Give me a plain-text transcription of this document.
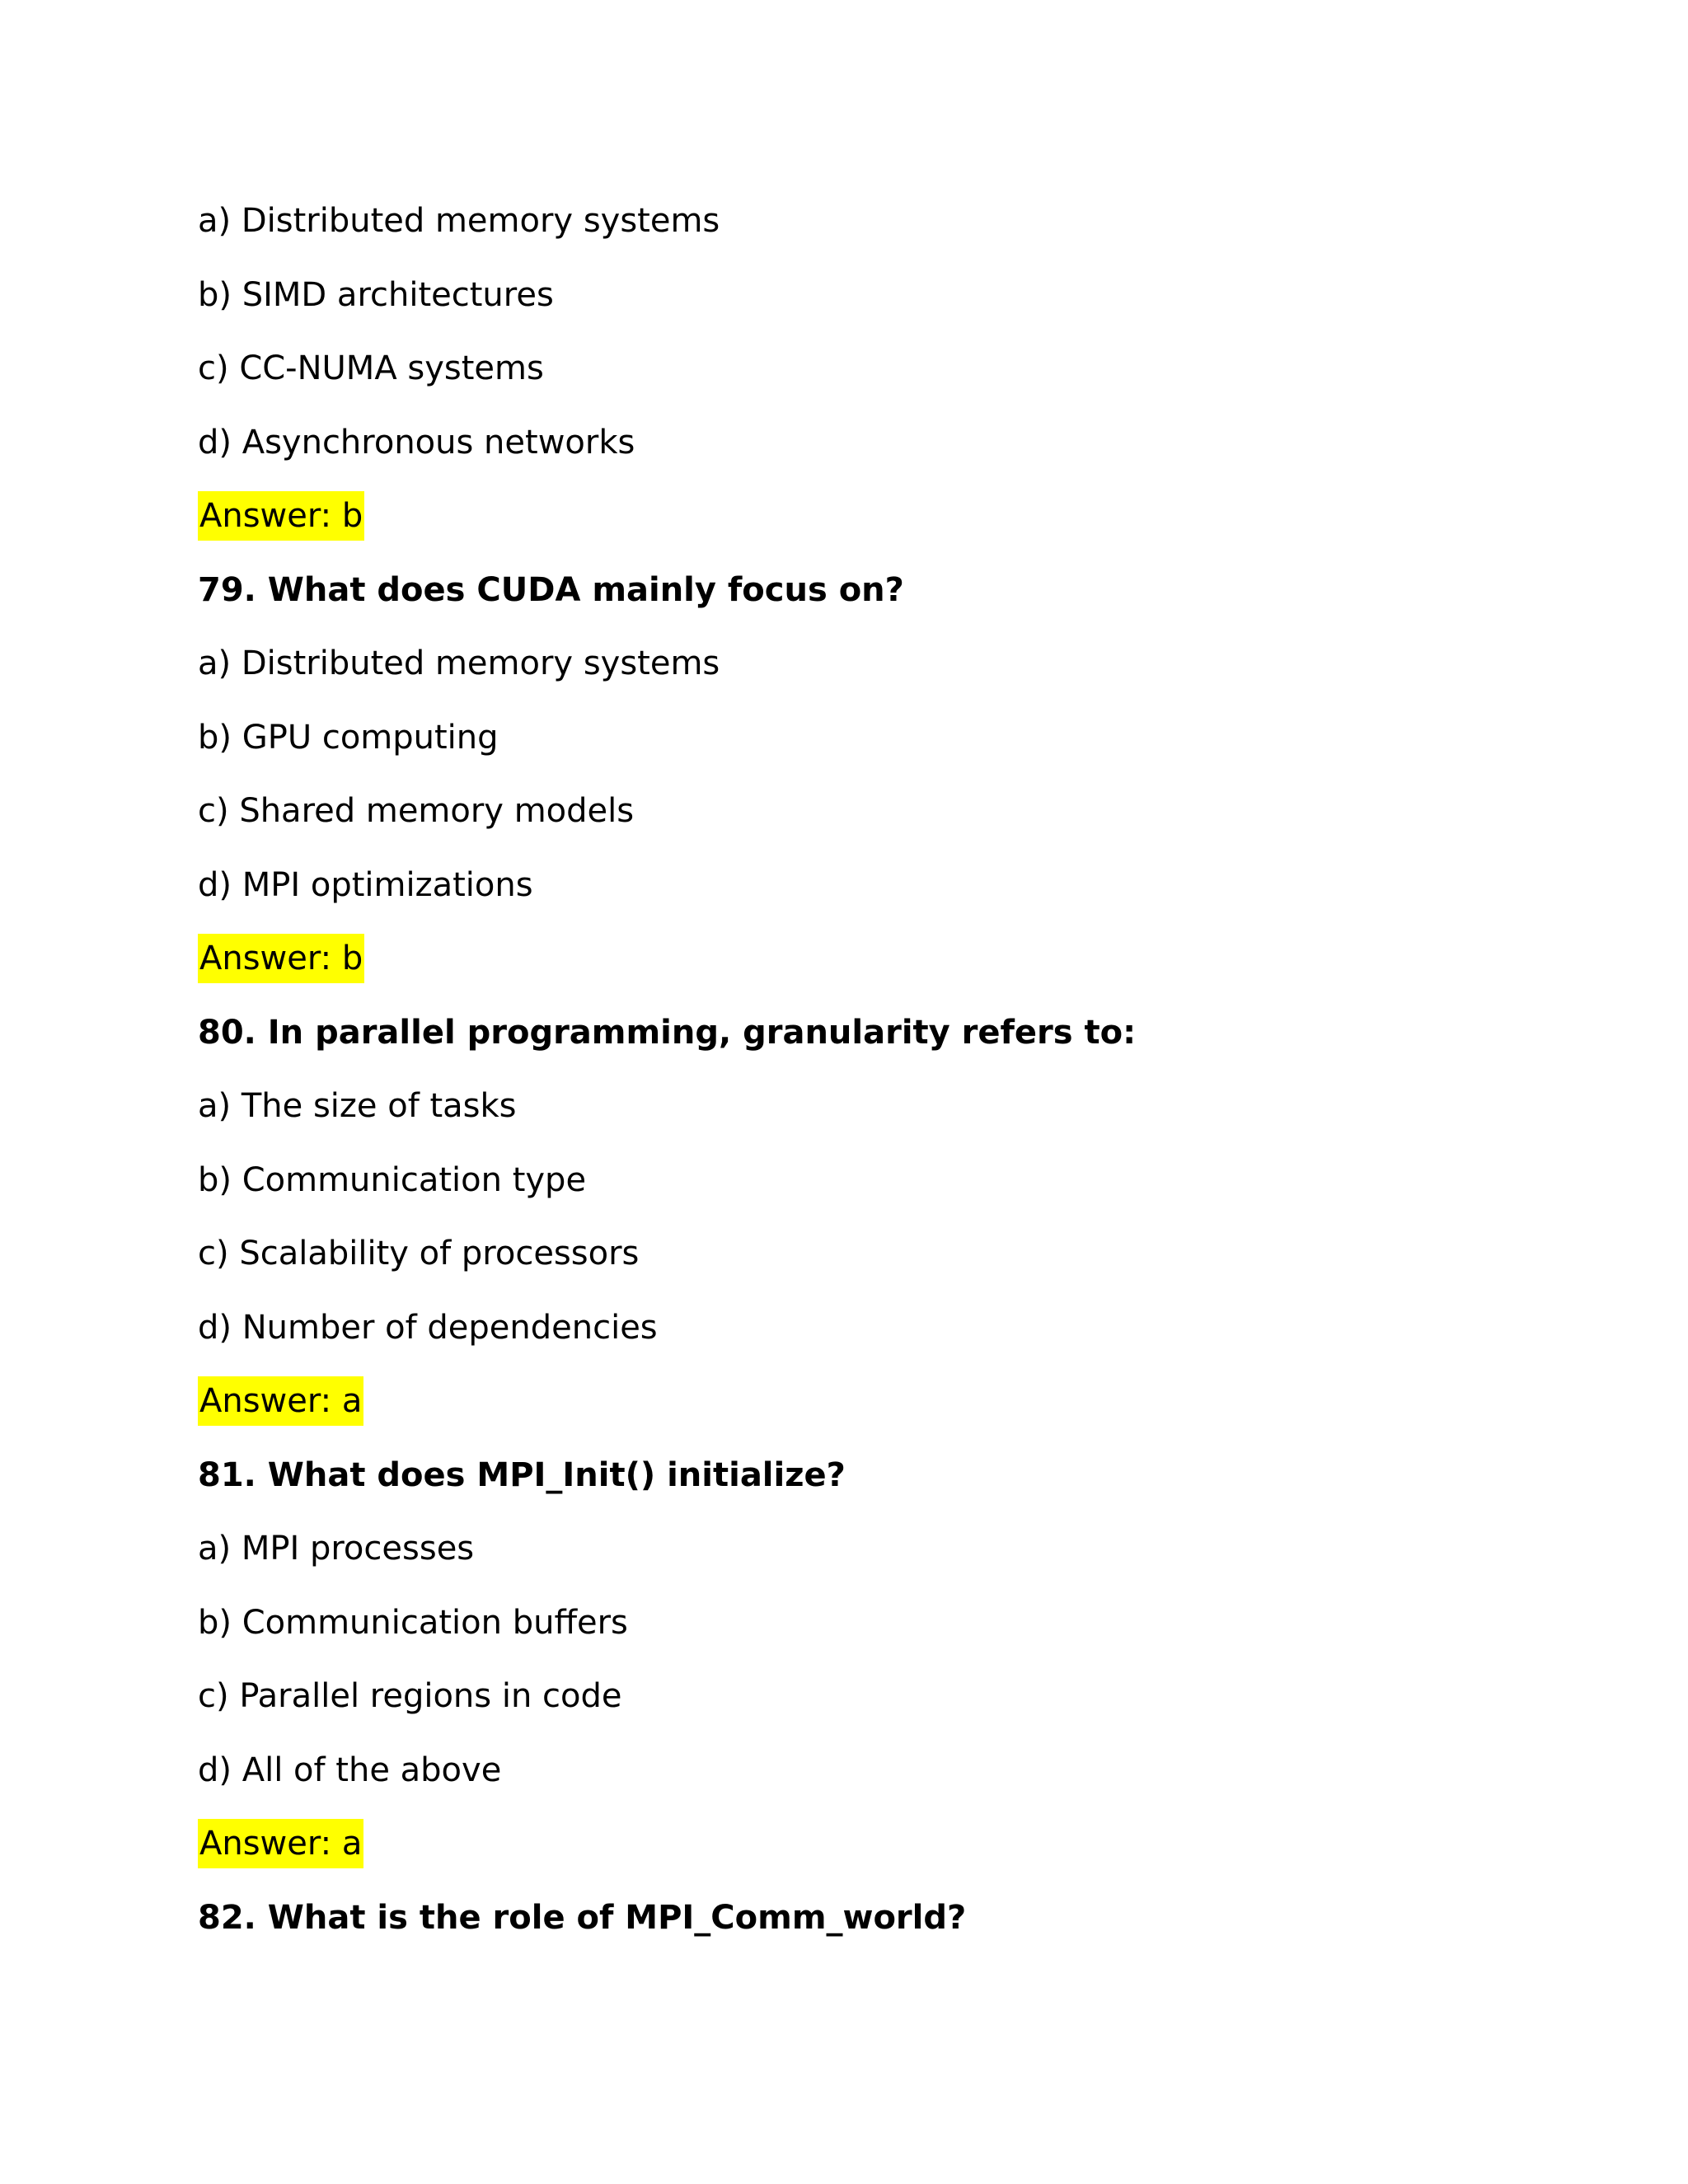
a) Distributed memory systems
b) SIMD architectures
c) CC-NUMA systems
d) Asynchronous networks
Answer: b
79. What does CUDA mainly focus on?
a) Distributed memory systems
b) GPU computing
c) Shared memory models
d) MPI optimizations
Answer: b
80. In parallel programming, granularity refers to:
a) The size of tasks
b) Communication type
c) Scalability of processors
d) Number of dependencies
Answer: a
81. What does MPI_Init() initialize?
a) MPI processes
b) Communication buffers
c) Parallel regions in code
d) All of the above
Answer: a
82. What is the role of MPI_Comm_world?
